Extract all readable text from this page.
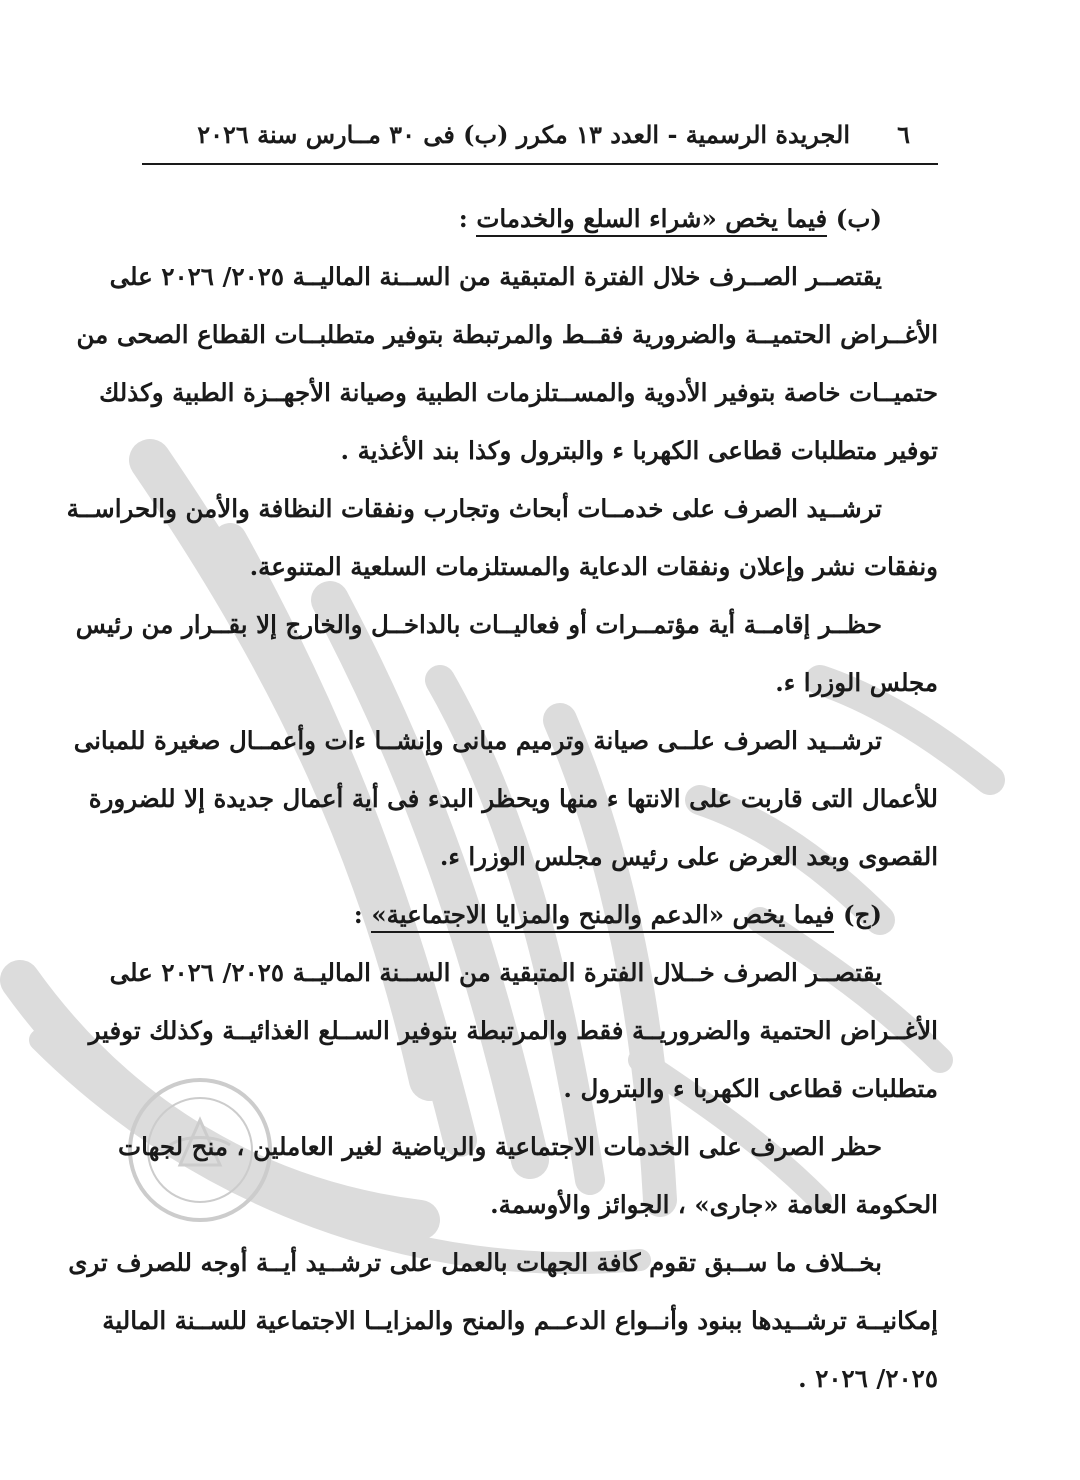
٦
الجريدة الرسمية - العدد ١٣ مكرر (ب) فى ٣٠ مــارس سنة ٢٠٢٦
(ب) فيما يخص «شراء السلع والخدمات :
يقتصــر الصــرف خلال الفترة المتبقية من الســنة الماليــة ٢٠٢٥/ ٢٠٢٦ على
الأغــراض الحتميــة والضرورية فقــط والمرتبطة بتوفير متطلبــات القطاع الصحى من
حتميــات خاصة بتوفير الأدوية والمســتلزمات الطبية وصيانة الأجهــزة الطبية وكذلك
توفير متطلبات قطاعى الكهربا ء والبترول وكذا بند الأغذية .
ترشــيد الصرف على خدمــات أبحاث وتجارب ونفقات النظافة والأمن والحراســة
ونفقات نشر وإعلان ونفقات الدعاية والمستلزمات السلعية المتنوعة.
حظــر إقامــة أية مؤتمــرات أو فعاليــات بالداخــل والخارج إلا بقــرار من رئيس
مجلس الوزرا ء.
ترشــيد الصرف علــى صيانة وترميم مبانى وإنشــا ءات وأعمــال صغيرة للمبانى
للأعمال التى قاربت على الانتها ء منها ويحظر البدء فى أية أعمال جديدة إلا للضرورة
القصوى وبعد العرض على رئيس مجلس الوزرا ء.
(ج) فيما يخص «الدعم والمنح والمزايا الاجتماعية» :
يقتصــر الصرف خــلال الفترة المتبقية من الســنة الماليــة ٢٠٢٥/ ٢٠٢٦ على
الأغــراض الحتمية والضروريــة فقط والمرتبطة بتوفير الســلع الغذائيــة وكذلك توفير
متطلبات قطاعى الكهربا ء والبترول .
حظر الصرف على الخدمات الاجتماعية والرياضية لغير العاملين ، منح لجهات
الحكومة العامة «جارى» ، الجوائز والأوسمة.
بخــلاف ما ســبق تقوم كافة الجهات بالعمل على ترشــيد أيــة أوجه للصرف ترى
إمكانيــة ترشــيدها ببنود وأنــواع الدعــم والمنح والمزايــا الاجتماعية للســنة المالية
٢٠٢٥/ ٢٠٢٦ .
